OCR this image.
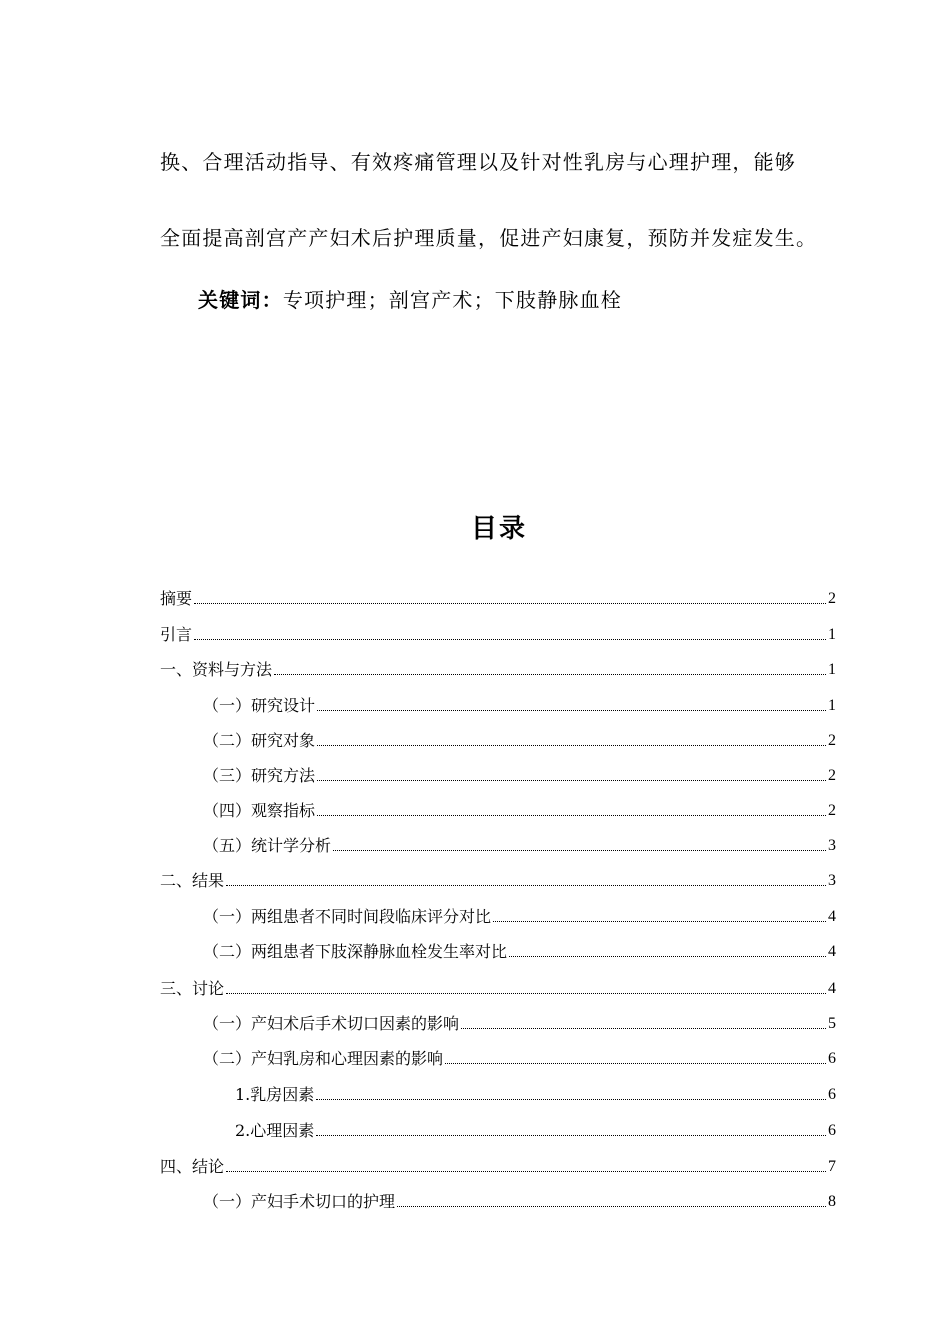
换、合理活动指导、有效疼痛管理以及针对性乳房与心理护理，能够
全面提高剖宫产产妇术后护理质量，促进产妇康复，预防并发症发生。
关键词：专项护理；剖宫产术；下肢静脉血栓
目录
摘要	2
引言	1
一、资料与方法	1
（一）研究设计	1
（二）研究对象	2
（三）研究方法	2
（四）观察指标	2
（五）统计学分析	3
二、结果	3
（一）两组患者不同时间段临床评分对比	4
（二）两组患者下肢深静脉血栓发生率对比	4
三、讨论	4
（一）产妇术后手术切口因素的影响	5
（二）产妇乳房和心理因素的影响	6
1.乳房因素	6
2.心理因素	6
四、结论	7
（一）产妇手术切口的护理	8
